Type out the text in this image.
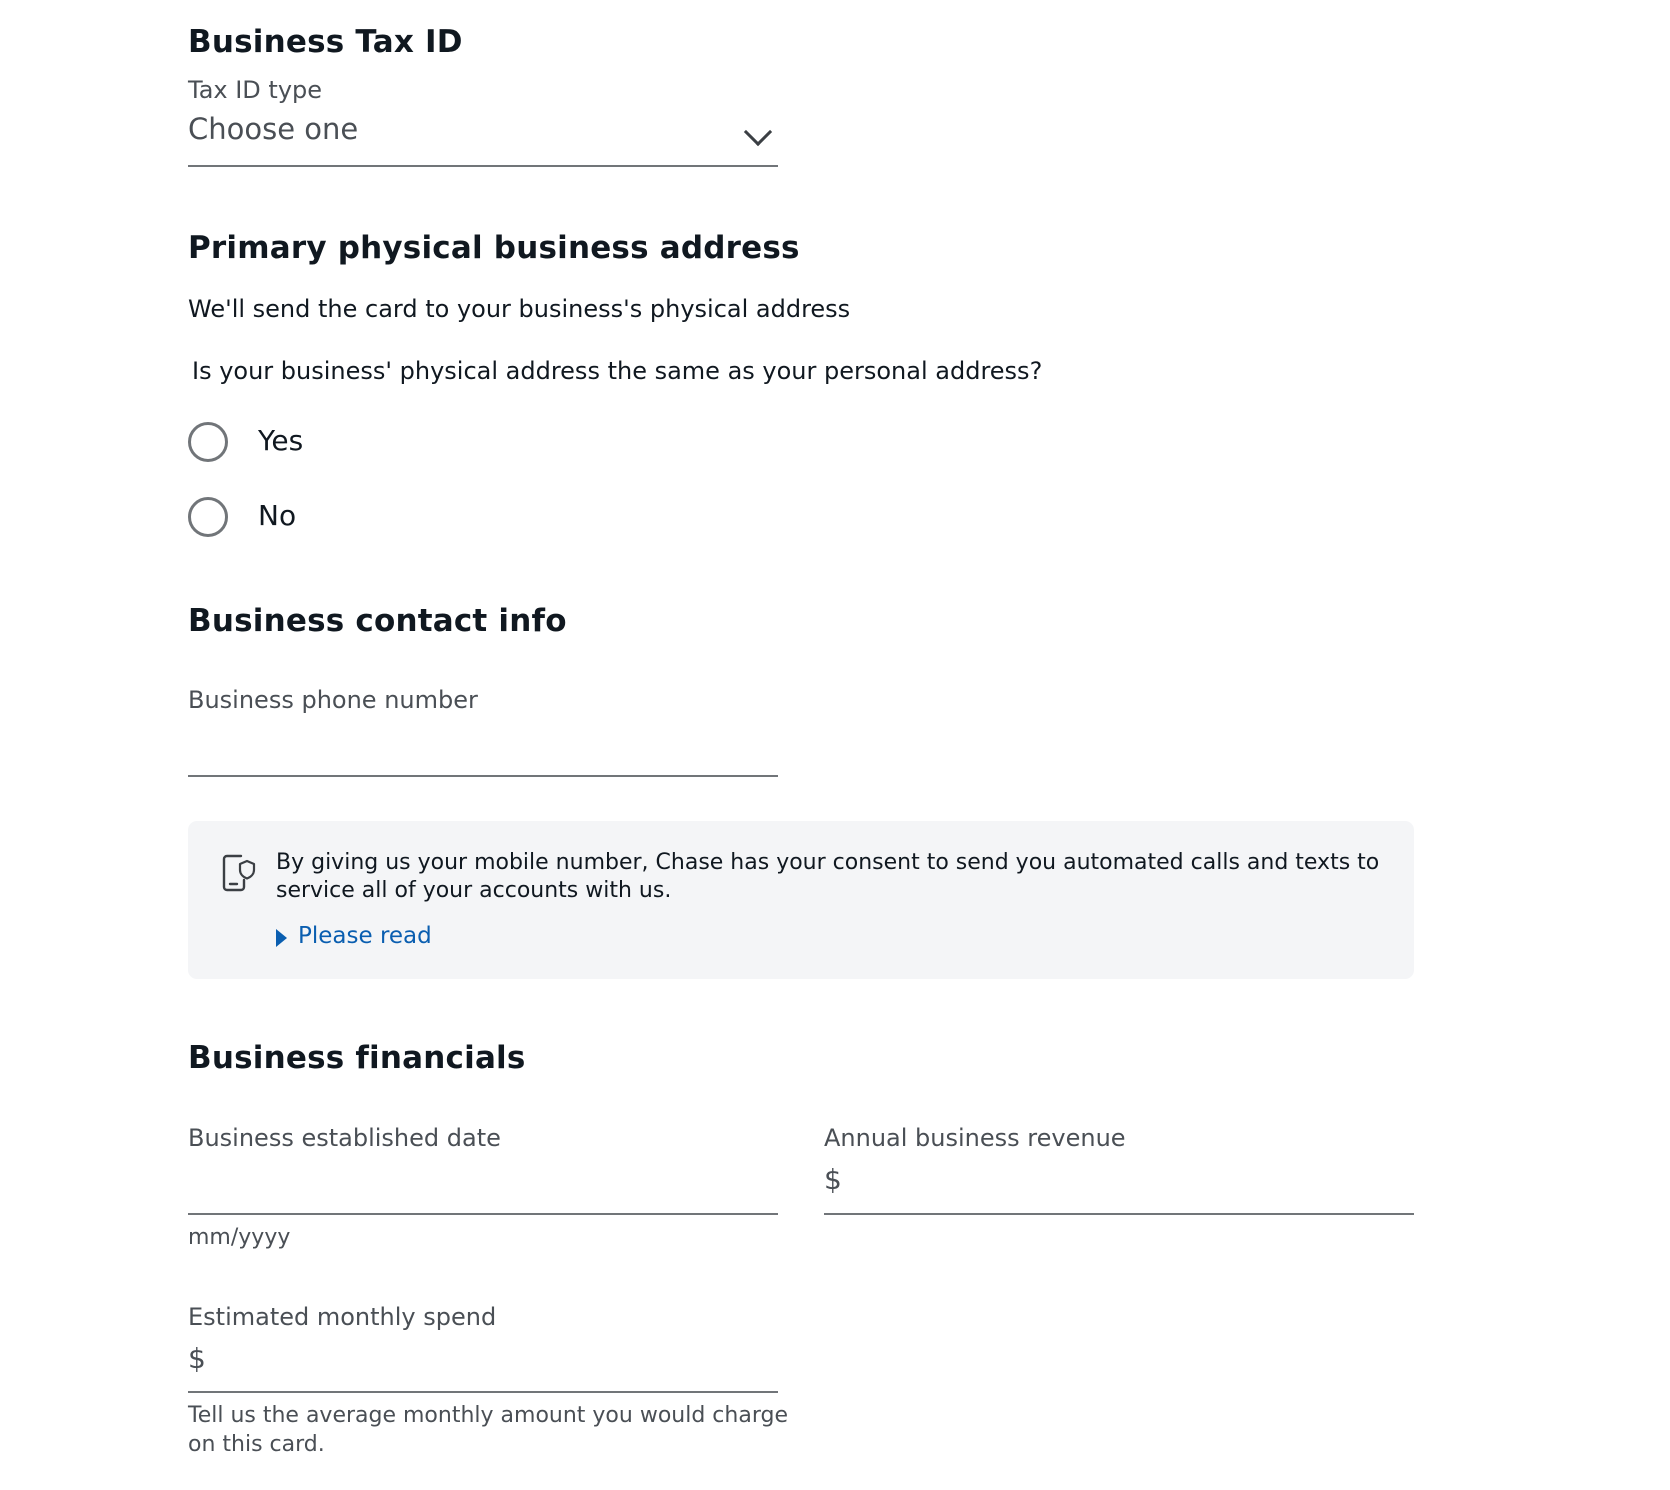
Business Tax ID
Tax ID type
Choose one
Primary physical business address
We'll send the card to your business's physical address
Is your business' physical address the same as your personal address?
Yes
No
Business contact info
Business phone number
By giving us your mobile number, Chase has your consent to send you automated calls and texts to service all of your accounts with us.
Please read
Business financials
Business established date
mm/yyyy
Annual business revenue
$
Estimated monthly spend
$
Tell us the average monthly amount you would charge on this card.
